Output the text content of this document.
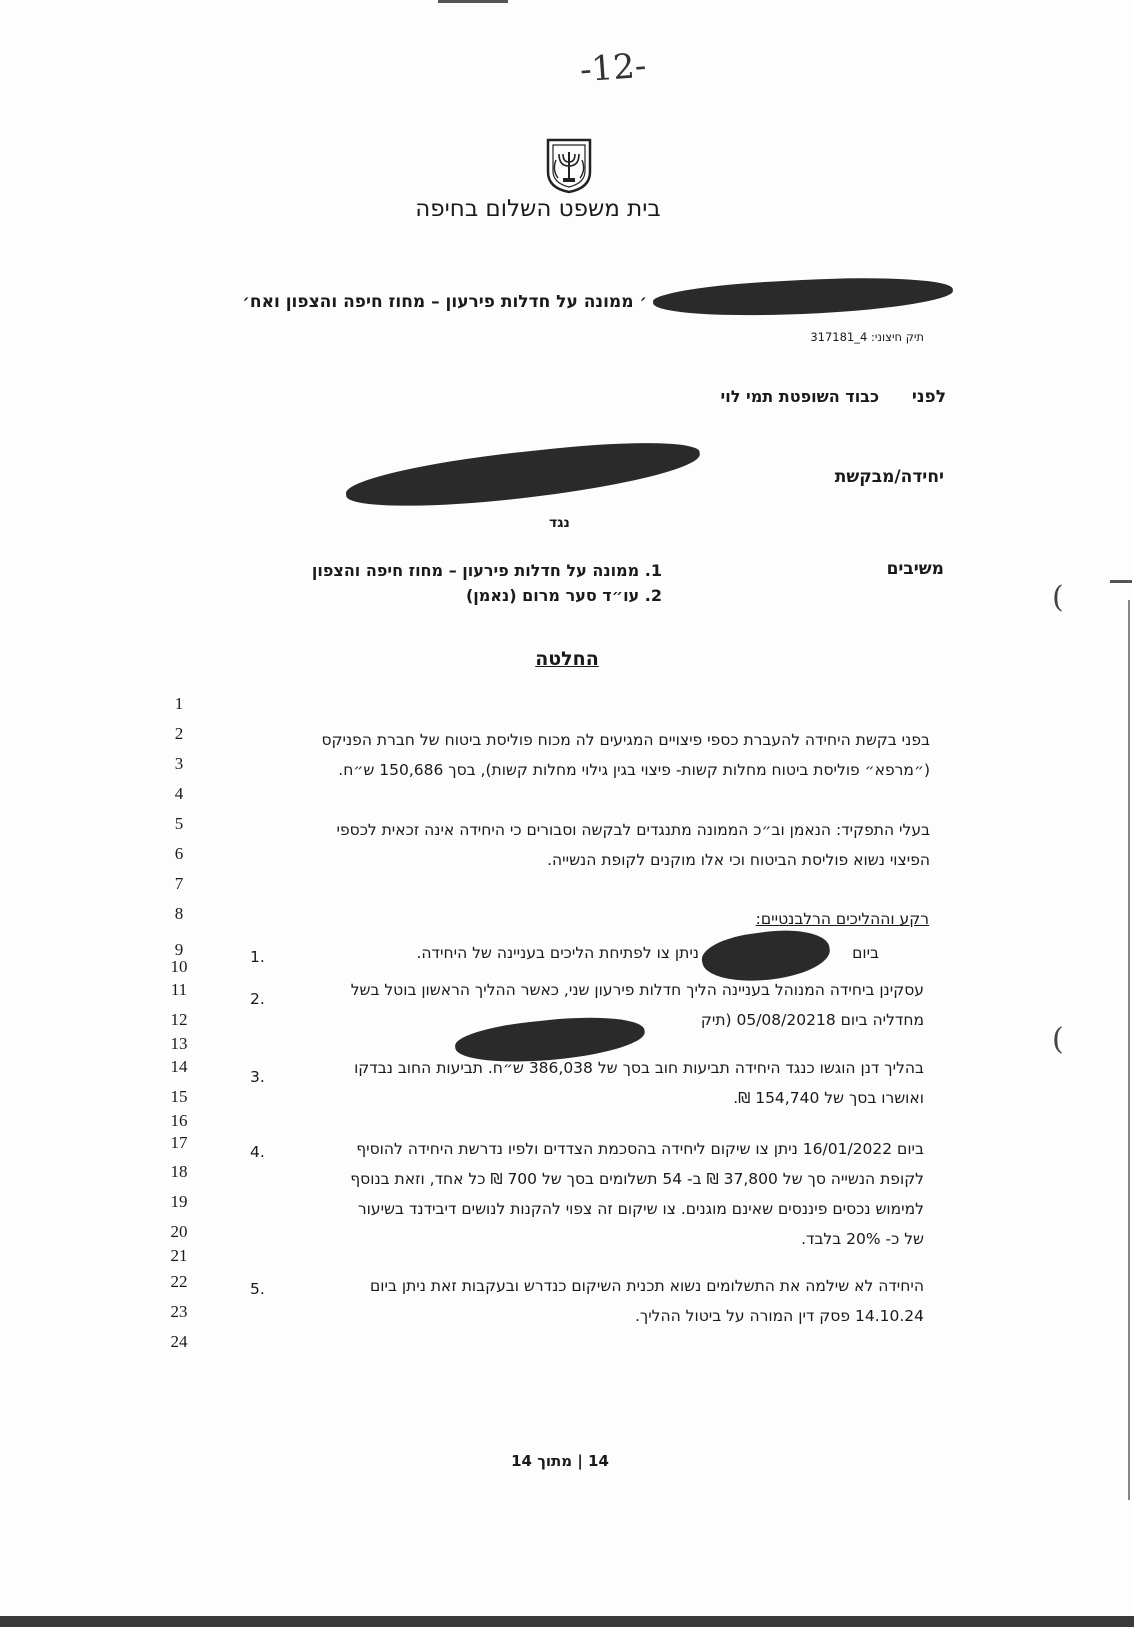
-12-
בית משפט השלום בחיפה
׳ ממונה על חדלות פירעון – מחוז חיפה והצפון ואח׳
תיק חיצוני: 4_317181
לפני
כבוד השופטת תמי לוי
יחידה/מבקשת
נגד
משיבים
1. ממונה על חדלות פירעון – מחוז חיפה והצפון
2. עו״ד סער מרום (נאמן)
החלטה
1
2
3
4
5
6
7
8
9
10
11
12
13
14
15
16
17
18
19
20
21
22
23
24
בפני בקשת היחידה להעברת כספי פיצויים המגיעים לה מכוח פוליסת ביטוח של חברת הפניקס
(״מרפא״ פוליסת ביטוח מחלות קשות- פיצוי בגין גילוי מחלות קשות), בסך 150,686 ש״ח.
בעלי התפקיד: הנאמן וב״כ הממונה מתנגדים לבקשה וסבורים כי היחידה אינה זכאית לכספי
הפיצוי נשוא פוליסת הביטוח וכי אלו מוקנים לקופת הנשייה.
רקע וההליכים הרלבנטיים:
1.	ביום
ניתן צו לפתיחת הליכים בעניינה של היחידה.
2.	עסקינן ביחידה המנוהל בעניינה הליך חדלות פירעון שני, כאשר ההליך הראשון בוטל בשל
מחדליה ביום 05/08/20218 (תיק
3.	בהליך דנן הוגשו כנגד היחידה תביעות חוב בסך של 386,038 ש״ח. תביעות החוב נבדקו
ואושרו בסך של 154,740 ₪.
4.	ביום 16/01/2022 ניתן צו שיקום ליחידה בהסכמת הצדדים ולפיו נדרשת היחידה להוסיף
לקופת הנשייה סך של 37,800 ₪ ב- 54 תשלומים בסך של 700 ₪ כל אחד, וזאת בנוסף
למימוש נכסים פיננסים שאינם מוגנים. צו שיקום זה צפוי להקנות לנושים דיבידנד בשיעור
של כ- 20% בלבד.
5.	היחידה לא שילמה את התשלומים נשוא תכנית השיקום כנדרש ובעקבות זאת ניתן ביום
14.10.24 פסק דין המורה על ביטול ההליך.
14 | מתוך 14
(
(
